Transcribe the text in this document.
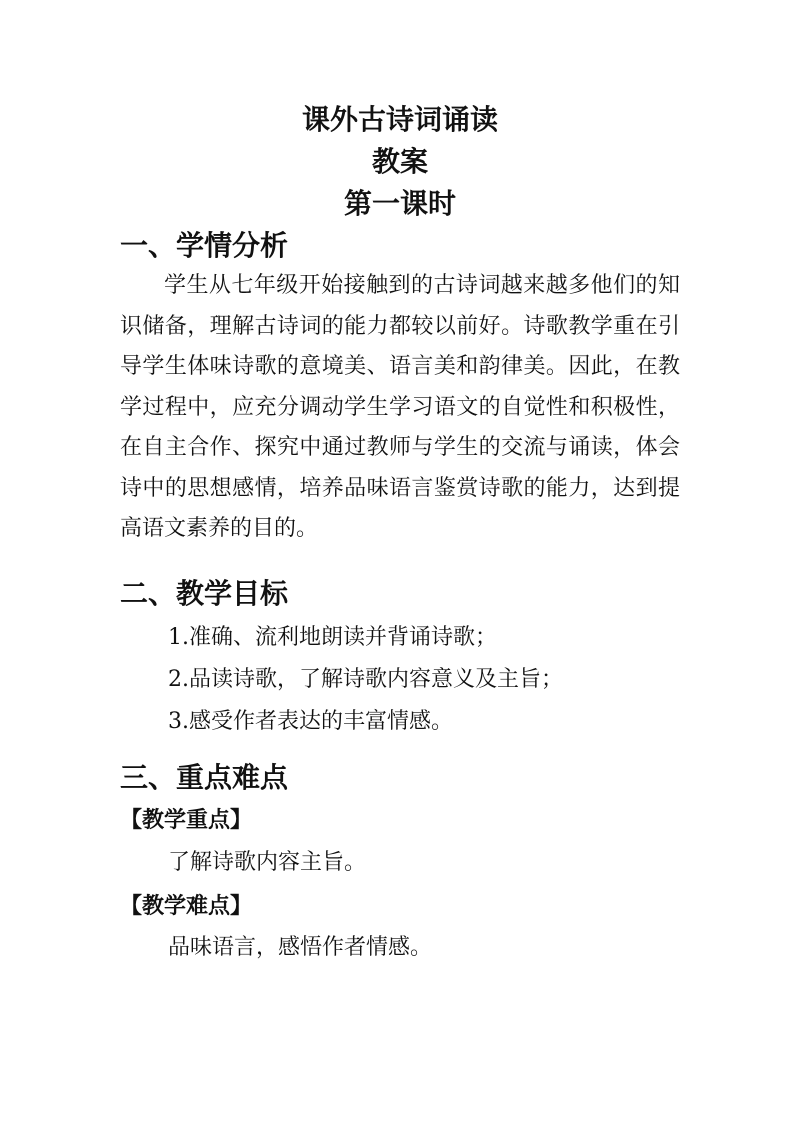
课外古诗词诵读
教案
第一课时
一、学情分析
学生从七年级开始接触到的古诗词越来越多他们的知识储备，理解古诗词的能力都较以前好。诗歌教学重在引导学生体味诗歌的意境美、语言美和韵律美。因此，在教学过程中，应充分调动学生学习语文的自觉性和积极性，在自主合作、探究中通过教师与学生的交流与诵读，体会诗中的思想感情，培养品味语言鉴赏诗歌的能力，达到提高语文素养的目的。
二、教学目标
1.准确、流利地朗读并背诵诗歌；
2.品读诗歌，了解诗歌内容意义及主旨；
3.感受作者表达的丰富情感。
三、重点难点
【教学重点】
了解诗歌内容主旨。
【教学难点】
品味语言，感悟作者情感。
